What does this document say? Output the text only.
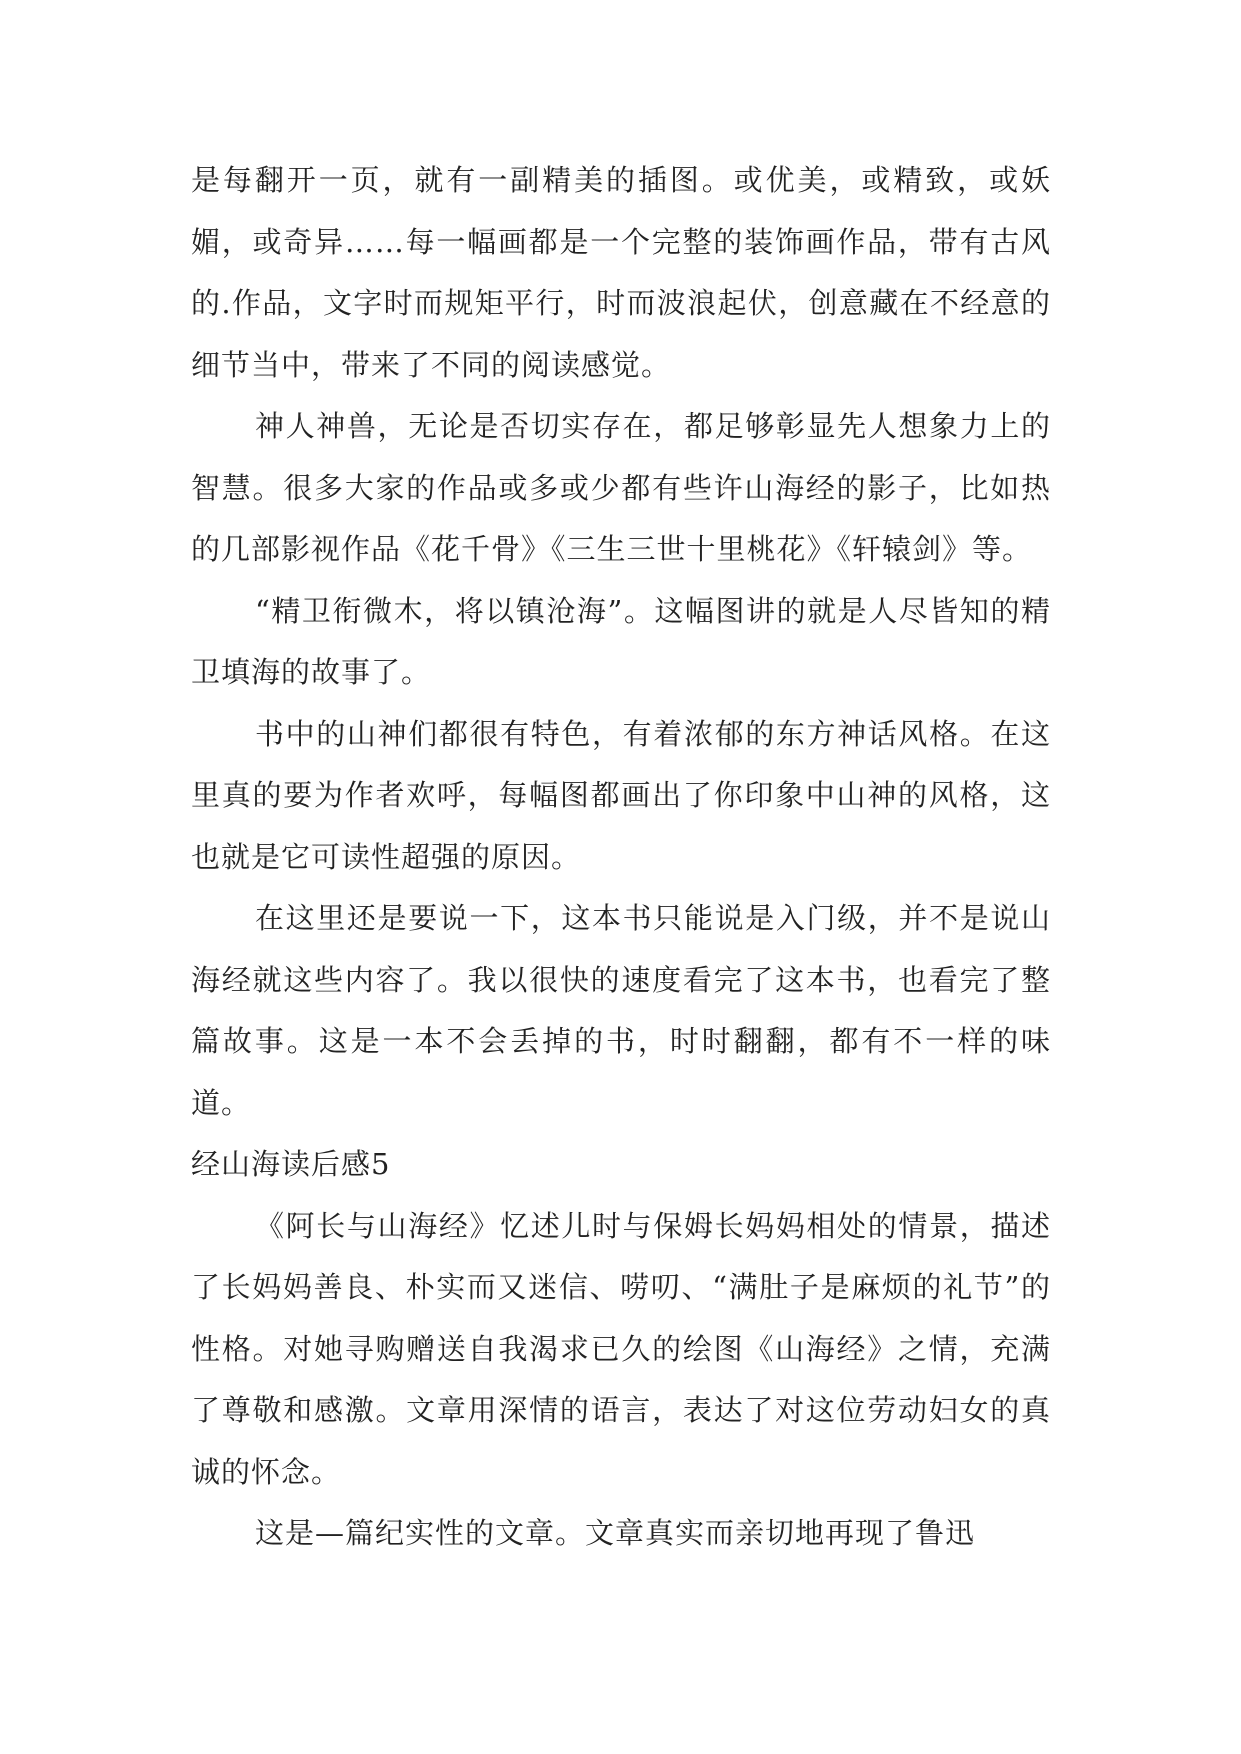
是每翻开一页，就有一副精美的插图。或优美，或精致，或妖媚，或奇异……每一幅画都是一个完整的装饰画作品，带有古风的.作品，文字时而规矩平行，时而波浪起伏，创意藏在不经意的细节当中，带来了不同的阅读感觉。

神人神兽，无论是否切实存在，都足够彰显先人想象力上的智慧。很多大家的作品或多或少都有些许山海经的影子，比如热的几部影视作品《花千骨》《三生三世十里桃花》《轩辕剑》等。

“精卫衔微木，将以镇沧海”。这幅图讲的就是人尽皆知的精卫填海的故事了。

书中的山神们都很有特色，有着浓郁的东方神话风格。在这里真的要为作者欢呼，每幅图都画出了你印象中山神的风格，这也就是它可读性超强的原因。

在这里还是要说一下，这本书只能说是入门级，并不是说山海经就这些内容了。我以很快的速度看完了这本书，也看完了整篇故事。这是一本不会丢掉的书，时时翻翻，都有不一样的味道。

经山海读后感5

《阿长与山海经》忆述儿时与保姆长妈妈相处的情景，描述了长妈妈善良、朴实而又迷信、唠叨、“满肚子是麻烦的礼节”的性格。对她寻购赠送自我渴求已久的绘图《山海经》之情，充满了尊敬和感激。文章用深情的语言，表达了对这位劳动妇女的真诚的怀念。

这是—篇纪实性的文章。文章真实而亲切地再现了鲁迅
